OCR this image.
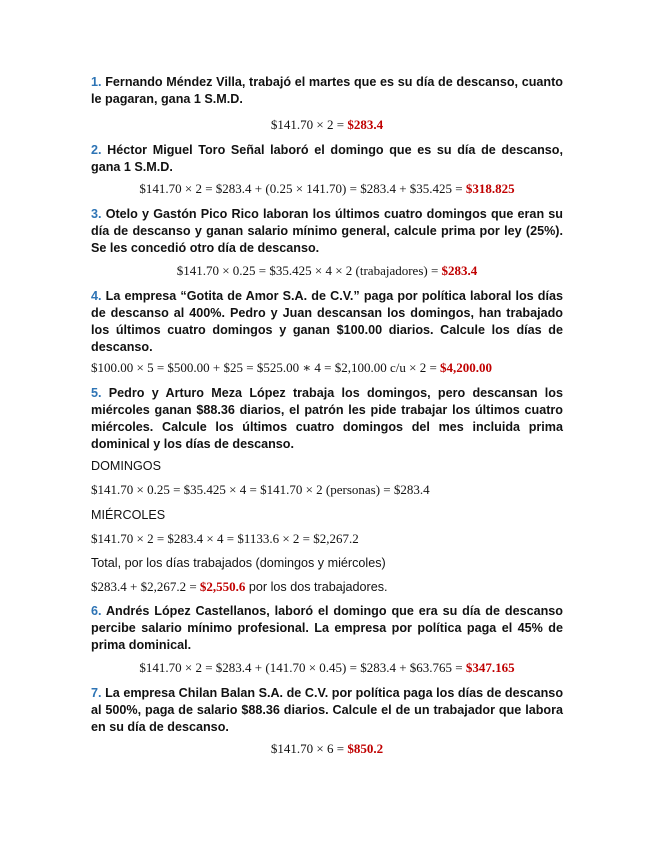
1. Fernando Méndez Villa, trabajó el martes que es su día de descanso, cuanto le pagaran, gana 1 S.M.D.
$141.70 × 2 = $283.4
2. Héctor Miguel Toro Señal laboró el domingo que es su día de descanso, gana 1 S.M.D.
$141.70 × 2 = $283.4 + (0.25 × 141.70) = $283.4 + $35.425 = $318.825
3. Otelo y Gastón Pico Rico laboran los últimos cuatro domingos que eran su día de descanso y ganan salario mínimo general, calcule prima por ley (25%). Se les concedió otro día de descanso.
$141.70 × 0.25 = $35.425 × 4 × 2 (trabajadores) = $283.4
4. La empresa “Gotita de Amor S.A. de C.V.” paga por política laboral los días de descanso al 400%. Pedro y Juan descansan los domingos, han trabajado los últimos cuatro domingos y ganan $100.00 diarios. Calcule los días de descanso.
$100.00 × 5 = $500.00 + $25 = $525.00 ∗ 4 = $2,100.00 c/u × 2 = $4,200.00
5. Pedro y Arturo Meza López trabaja los domingos, pero descansan los miércoles ganan $88.36 diarios, el patrón les pide trabajar los últimos cuatro miércoles. Calcule los últimos cuatro domingos del mes incluida prima dominical y los días de descanso.
DOMINGOS
$141.70 × 0.25 = $35.425 × 4 = $141.70 × 2 (personas) = $283.4
MIÉRCOLES
$141.70 × 2 = $283.4 × 4 = $1133.6 × 2 = $2,267.2
Total, por los días trabajados (domingos y miércoles)
$283.4 + $2,267.2 = $2,550.6 por los dos trabajadores.
6. Andrés López Castellanos, laboró el domingo que era su día de descanso percibe salario mínimo profesional. La empresa por política paga el 45% de prima dominical.
$141.70 × 2 = $283.4 + (141.70 × 0.45) = $283.4 + $63.765 = $347.165
7. La empresa Chilan Balan S.A. de C.V. por política paga los días de descanso al 500%, paga de salario $88.36 diarios. Calcule el de un trabajador que labora en su día de descanso.
$141.70 × 6 = $850.2
